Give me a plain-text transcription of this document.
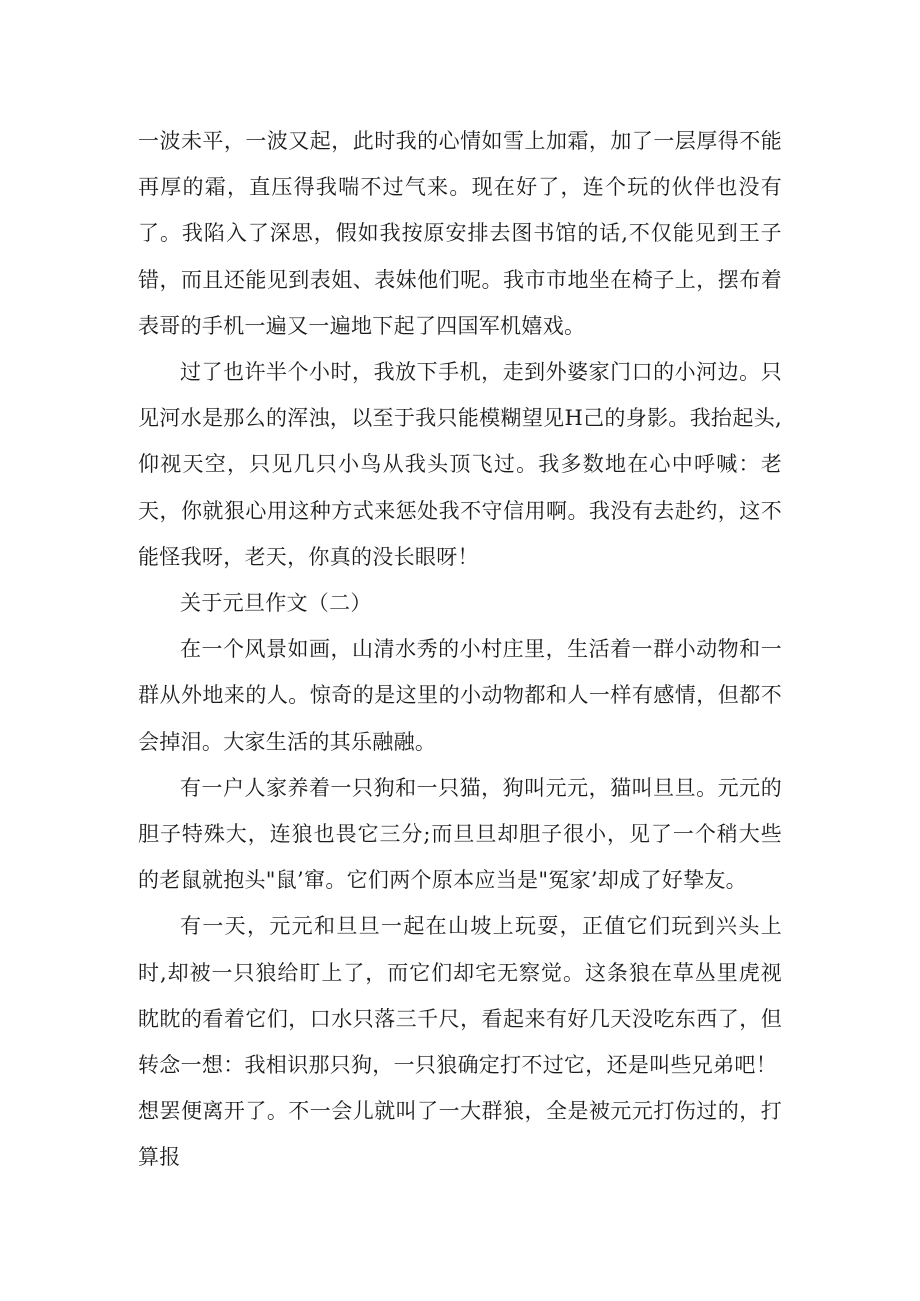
一波未平，一波又起，此时我的心情如雪上加霜，加了一层厚得不能再厚的霜，直压得我喘不过气来。现在好了，连个玩的伙伴也没有了。我陷入了深思，假如我按原安排去图书馆的话,不仅能见到王子错，而且还能见到表姐、表妹他们呢。我市市地坐在椅子上，摆布着表哥的手机一遍又一遍地下起了四国军机嬉戏。

过了也许半个小时，我放下手机，走到外婆家门口的小河边。只见河水是那么的浑浊，以至于我只能模糊望见H己的身影。我抬起头,仰视天空，只见几只小鸟从我头顶飞过。我多数地在心中呼喊：老天，你就狠心用这种方式来惩处我不守信用啊。我没有去赴约，这不能怪我呀，老天，你真的没长眼呀！

关于元旦作文（二）

在一个风景如画，山清水秀的小村庄里，生活着一群小动物和一群从外地来的人。惊奇的是这里的小动物都和人一样有感情，但都不会掉泪。大家生活的其乐融融。

有一户人家养着一只狗和一只猫，狗叫元元，猫叫旦旦。元元的胆子特殊大，连狼也畏它三分;而旦旦却胆子很小，见了一个稍大些的老鼠就抱头"鼠’窜。它们两个原本应当是"冤家’却成了好挚友。

有一天，元元和旦旦一起在山坡上玩耍，正值它们玩到兴头上时,却被一只狼给盯上了，而它们却宅无察觉。这条狼在草丛里虎视眈眈的看着它们，口水只落三千尺，看起来有好几天没吃东西了，但转念一想：我相识那只狗，一只狼确定打不过它，还是叫些兄弟吧！

想罢便离开了。不一会儿就叫了一大群狼，全是被元元打伤过的，打算报
